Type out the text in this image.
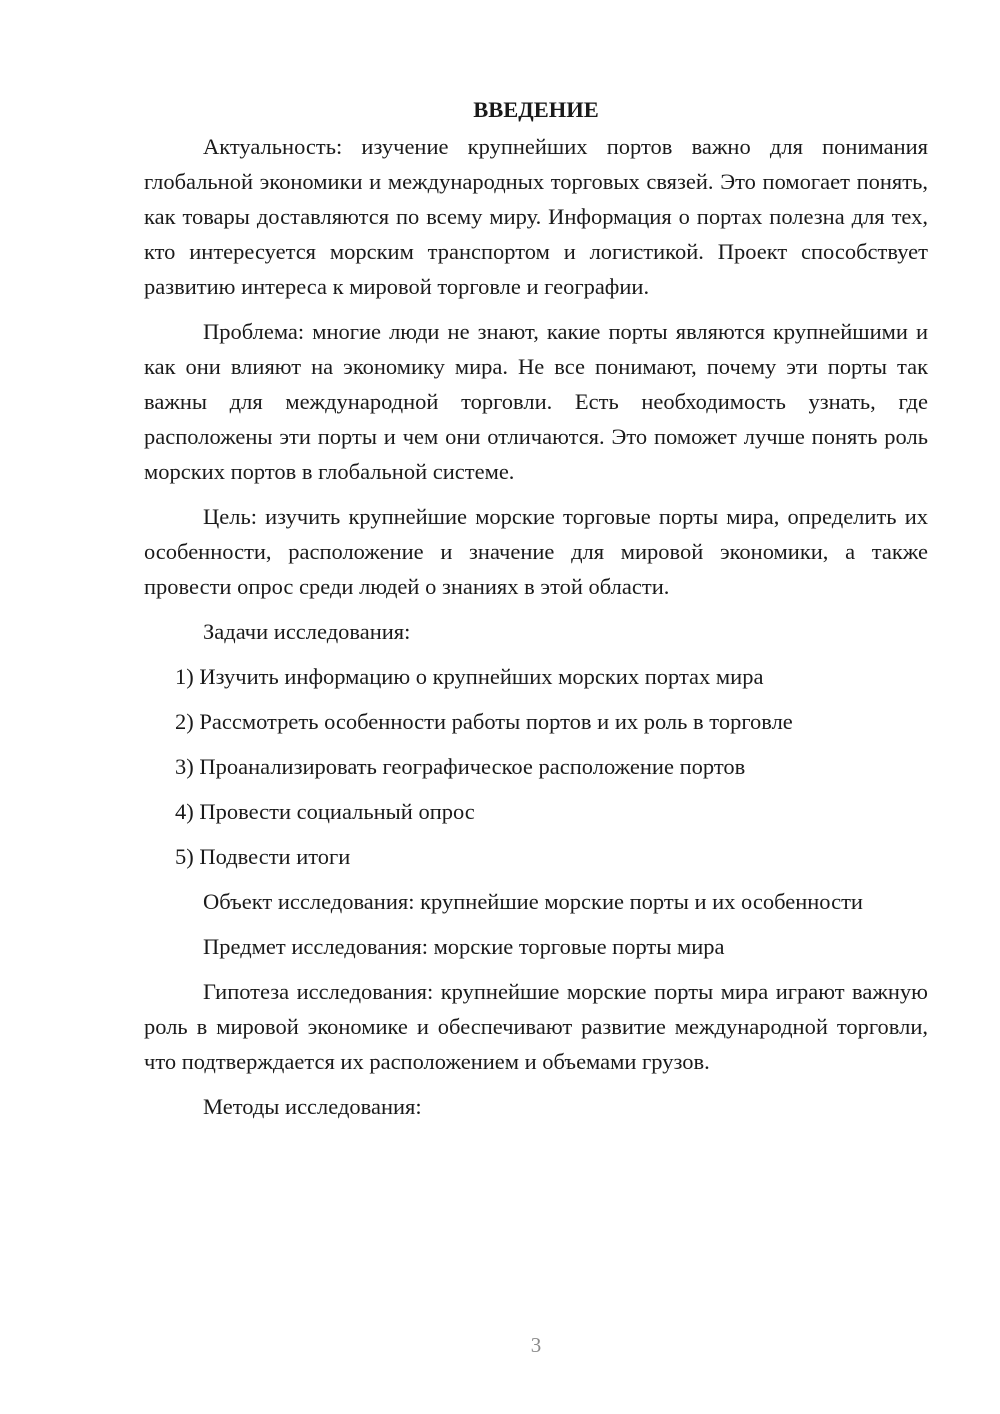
ВВЕДЕНИЕ

Актуальность: изучение крупнейших портов важно для понимания глобальной экономики и международных торговых связей. Это помогает понять, как товары доставляются по всему миру. Информация о портах полезна для тех, кто интересуется морским транспортом и логистикой. Проект способствует развитию интереса к мировой торговле и географии.

Проблема: многие люди не знают, какие порты являются крупнейшими и как они влияют на экономику мира. Не все понимают, почему эти порты так важны для международной торговли. Есть необходимость узнать, где расположены эти порты и чем они отличаются. Это поможет лучше понять роль морских портов в глобальной системе.

Цель: изучить крупнейшие морские торговые порты мира, определить их особенности, расположение и значение для мировой экономики, а также провести опрос среди людей о знаниях в этой области.

Задачи исследования:

1) Изучить информацию о крупнейших морских портах мира
2) Рассмотреть особенности работы портов и их роль в торговле
3) Проанализировать географическое расположение портов
4) Провести социальный опрос
5) Подвести итоги

Объект исследования: крупнейшие морские порты и их особенности

Предмет исследования: морские торговые порты мира

Гипотеза исследования: крупнейшие морские порты мира играют важную роль в мировой экономике и обеспечивают развитие международной торговли, что подтверждается их расположением и объемами грузов.

Методы исследования:

3
